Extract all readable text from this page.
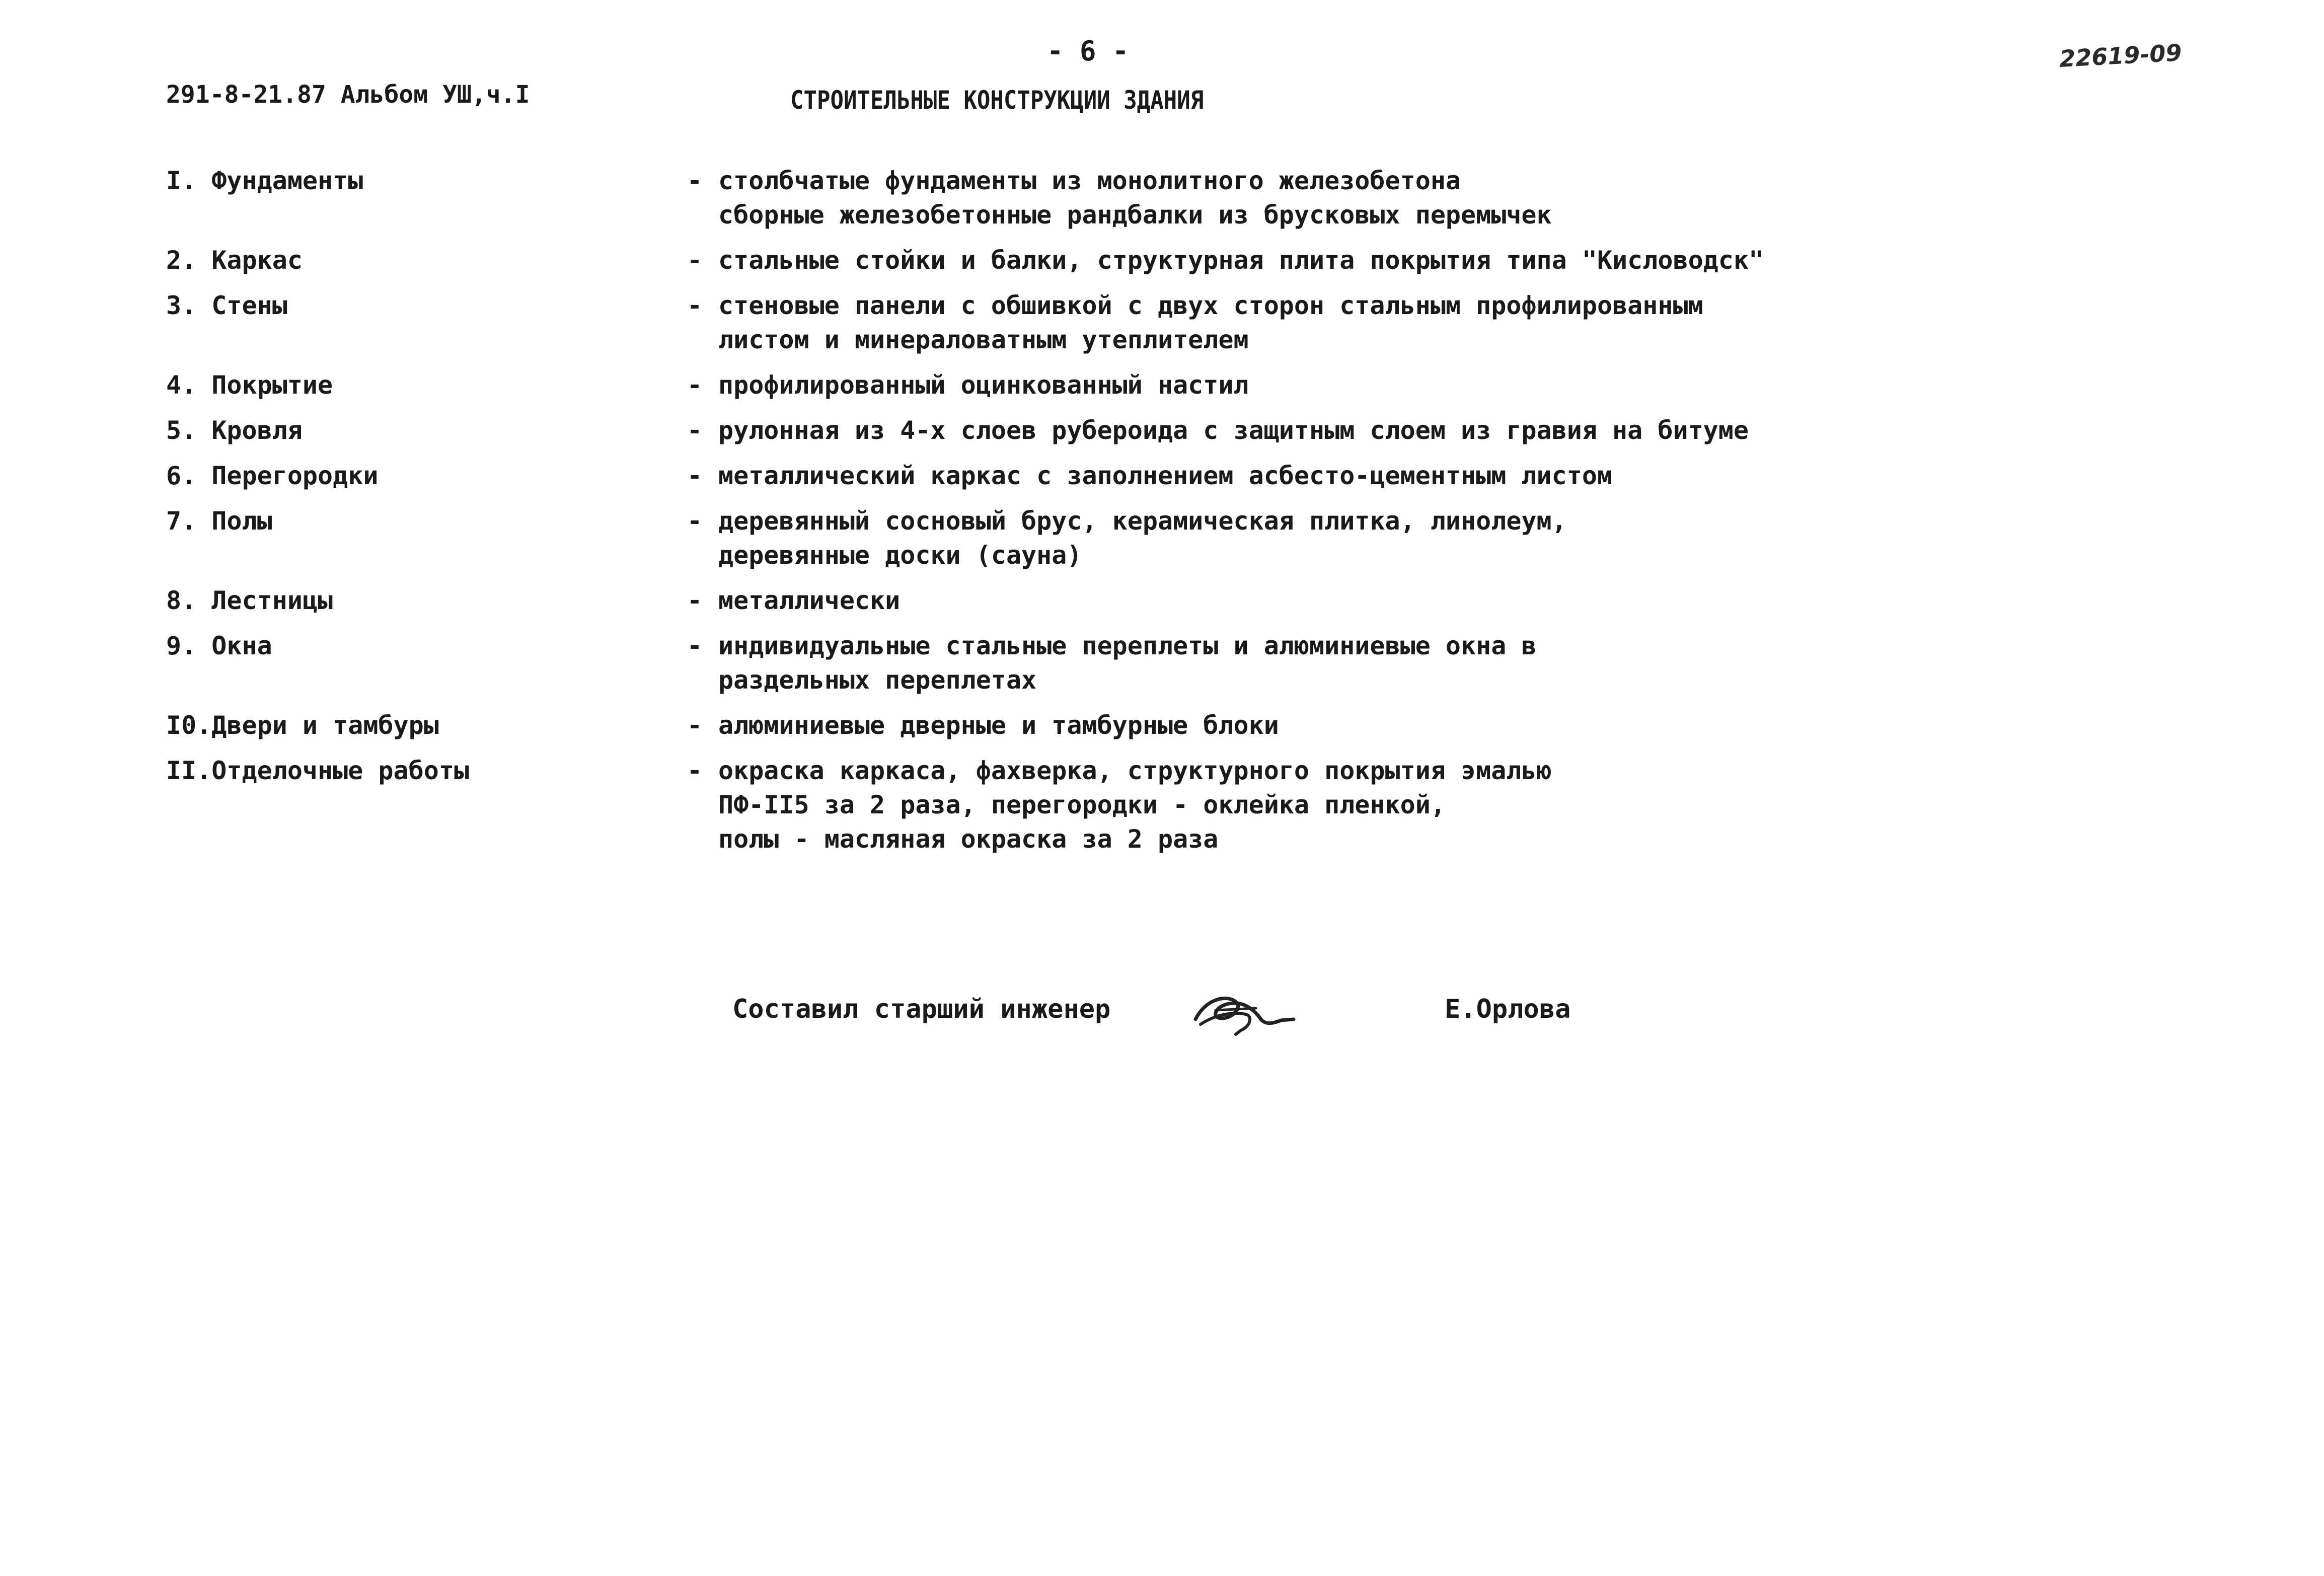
- 6 -
291-8-21.87 Альбом УШ,ч.I	СТРОИТЕЛЬНЫЕ КОНСТРУКЦИИ ЗДАНИЯ
22619-09
I. Фундаменты	- столбчатые фундаменты из монолитного железобетона
сборные железобетонные рандбалки из брусковых перемычек
2. Каркас	- стальные стойки и балки, структурная плита покрытия типа "Кисловодск"
3. Стены	- стеновые панели с обшивкой с двух сторон стальным профилированным
листом и минераловатным утеплителем
4. Покрытие	- профилированный оцинкованный настил
5. Кровля	- рулонная из 4-х слоев рубероида с защитным слоем из гравия на битуме
6. Перегородки	- металлический каркас с заполнением асбесто-цементным листом
7. Полы	- деревянный сосновый брус, керамическая плитка, линолеум,
деревянные доски (сауна)
8. Лестницы	- металлически
9. Окна	- индивидуальные стальные переплеты и алюминиевые окна в
раздельных переплетах
I0.Двери и тамбуры	- алюминиевые дверные и тамбурные блоки
II.Отделочные работы	- окраска каркаса, фахверка, структурного покрытия эмалью
ПФ-II5 за 2 раза, перегородки - оклейка пленкой,
полы - масляная окраска за 2 раза
Составил старший инженер	Е.Орлова
